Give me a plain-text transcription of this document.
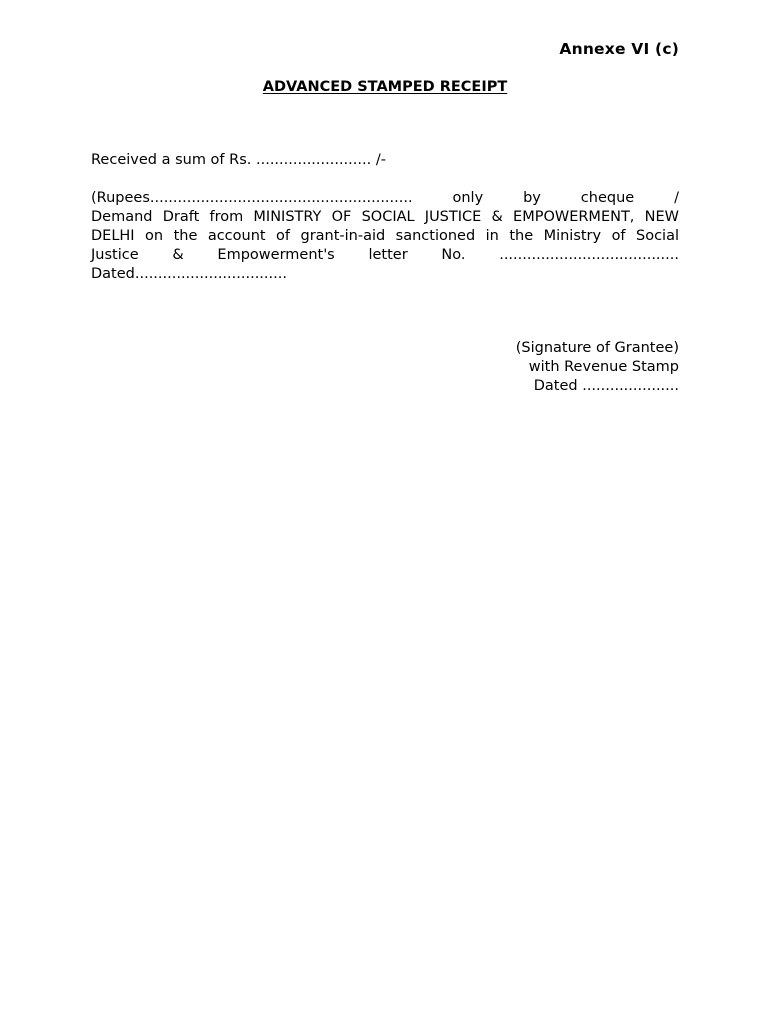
Annexe VI (c)
ADVANCED STAMPED RECEIPT
Received a sum of Rs. ......................... /-
(Rupees.........................................................	only	by	cheque	/
Demand Draft from MINISTRY OF SOCIAL JUSTICE & EMPOWERMENT, NEW
DELHI on the account of grant-in-aid sanctioned in the Ministry of Social
Justice & Empowerment's letter No. .......................................
Dated.................................
(Signature of Grantee)
with Revenue Stamp
Dated .....................
